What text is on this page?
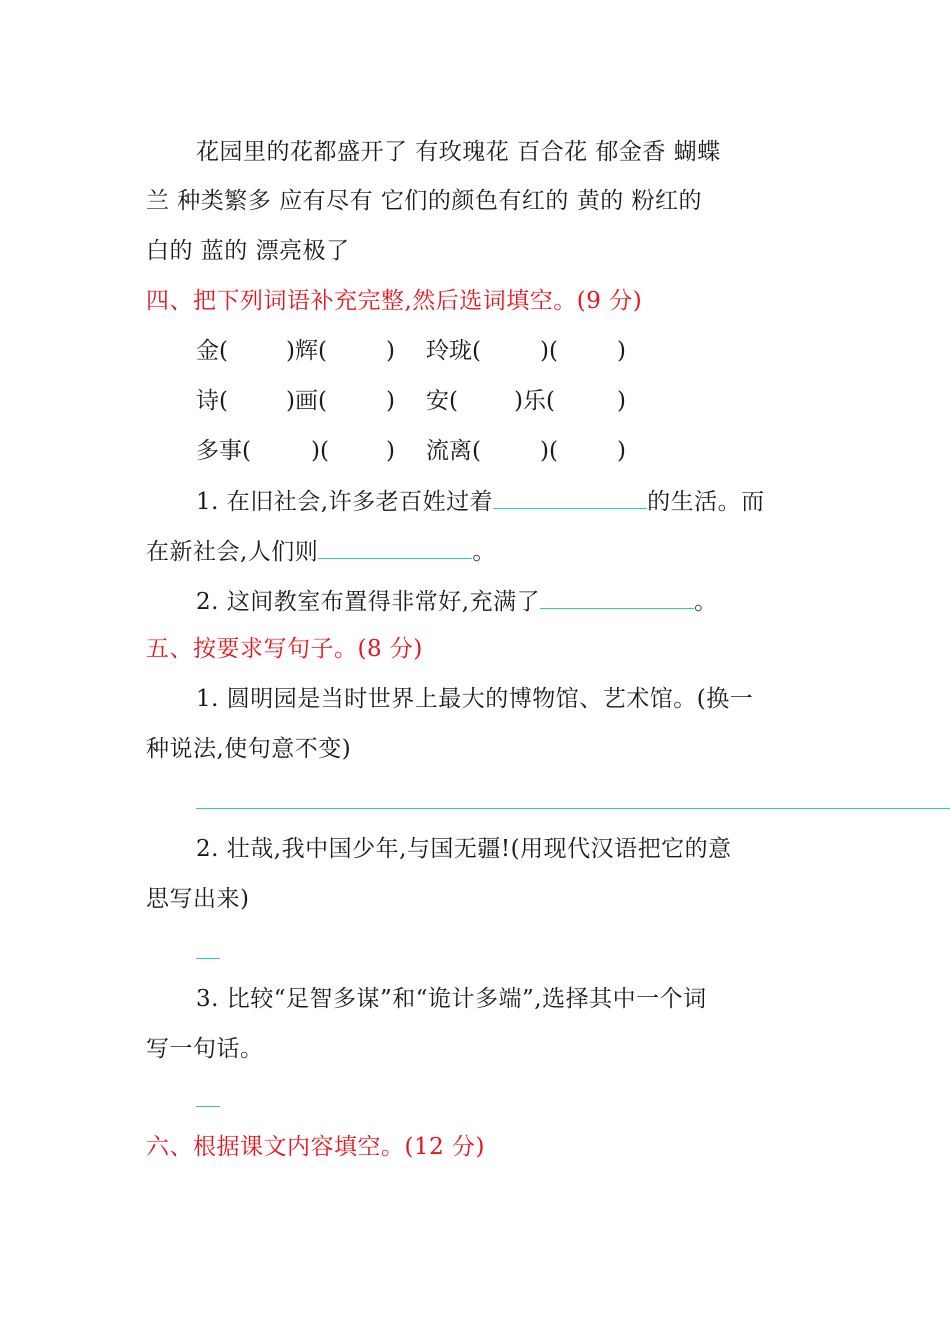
花园里的花都盛开了 有玫瑰花 百合花 郁金香 蝴蝶
兰 种类繁多 应有尽有 它们的颜色有红的 黄的 粉红的
白的 蓝的 漂亮极了
四、把下列词语补充完整,然后选词填空。(9 分)
金(	)辉(	) 玲珑(	)(	)
诗(	)画(	) 安( )乐(	)
多事(	)( ) 流离(	)(	)
1. 在旧社会,许多老百姓过着	的生活。而
在新社会,人们则	。
2. 这间教室布置得非常好,充满了	。
五、按要求写句子。(8 分)
1. 圆明园是当时世界上最大的博物馆、艺术馆。(换一
种说法,使句意不变)
2. 壮哉,我中国少年,与国无疆!(用现代汉语把它的意
思写出来)
3. 比较“足智多谋”和“诡计多端”,选择其中一个词
写一句话。
六、根据课文内容填空。(12 分)
